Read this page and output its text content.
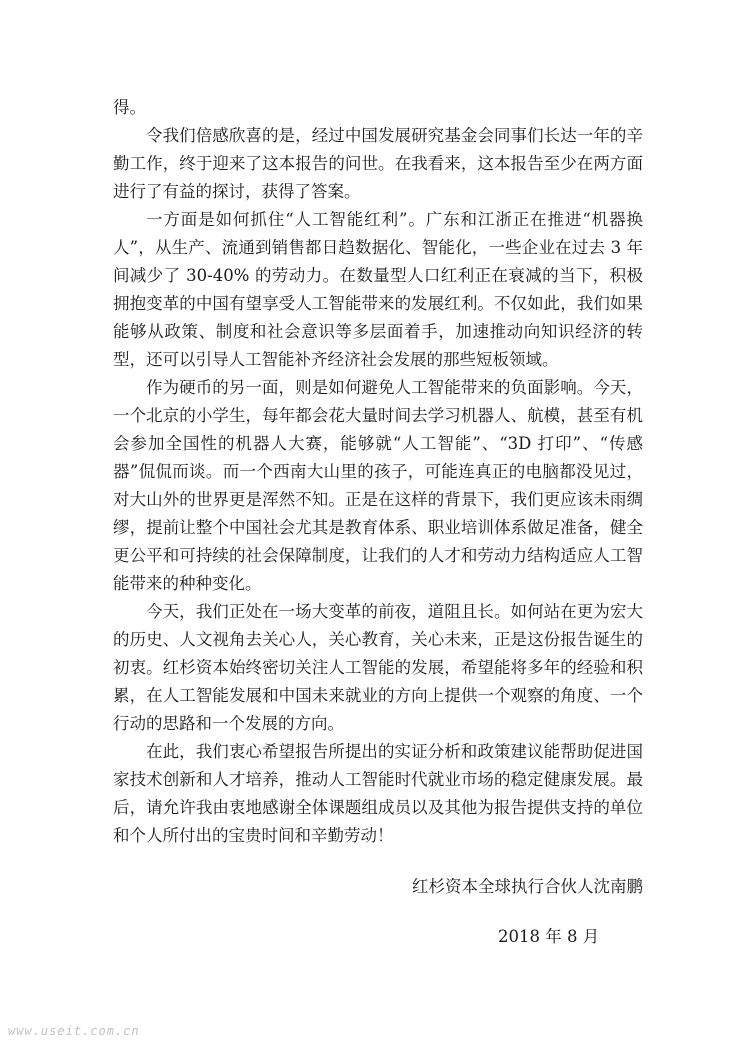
得。

令我们倍感欣喜的是，经过中国发展研究基金会同事们长达一年的辛勤工作，终于迎来了这本报告的问世。在我看来，这本报告至少在两方面进行了有益的探讨，获得了答案。

一方面是如何抓住“人工智能红利”。广东和江浙正在推进“机器换人”，从生产、流通到销售都日趋数据化、智能化，一些企业在过去 3 年间减少了 30-40% 的劳动力。在数量型人口红利正在衰减的当下，积极拥抱变革的中国有望享受人工智能带来的发展红利。不仅如此，我们如果能够从政策、制度和社会意识等多层面着手，加速推动向知识经济的转型，还可以引导人工智能补齐经济社会发展的那些短板领域。

作为硬币的另一面，则是如何避免人工智能带来的负面影响。今天，一个北京的小学生，每年都会花大量时间去学习机器人、航模，甚至有机会参加全国性的机器人大赛，能够就“人工智能”、“3D 打印”、“传感器”侃侃而谈。而一个西南大山里的孩子，可能连真正的电脑都没见过，对大山外的世界更是浑然不知。正是在这样的背景下，我们更应该未雨绸缪，提前让整个中国社会尤其是教育体系、职业培训体系做足准备，健全更公平和可持续的社会保障制度，让我们的人才和劳动力结构适应人工智能带来的种种变化。

今天，我们正处在一场大变革的前夜，道阻且长。如何站在更为宏大的历史、人文视角去关心人，关心教育，关心未来，正是这份报告诞生的初衷。红杉资本始终密切关注人工智能的发展，希望能将多年的经验和积累，在人工智能发展和中国未来就业的方向上提供一个观察的角度、一个行动的思路和一个发展的方向。

在此，我们衷心希望报告所提出的实证分析和政策建议能帮助促进国家技术创新和人才培养，推动人工智能时代就业市场的稳定健康发展。最后，请允许我由衷地感谢全体课题组成员以及其他为报告提供支持的单位和个人所付出的宝贵时间和辛勤劳动！

红杉资本全球执行合伙人沈南鹏
2018 年 8 月
www.useit.com.cn
